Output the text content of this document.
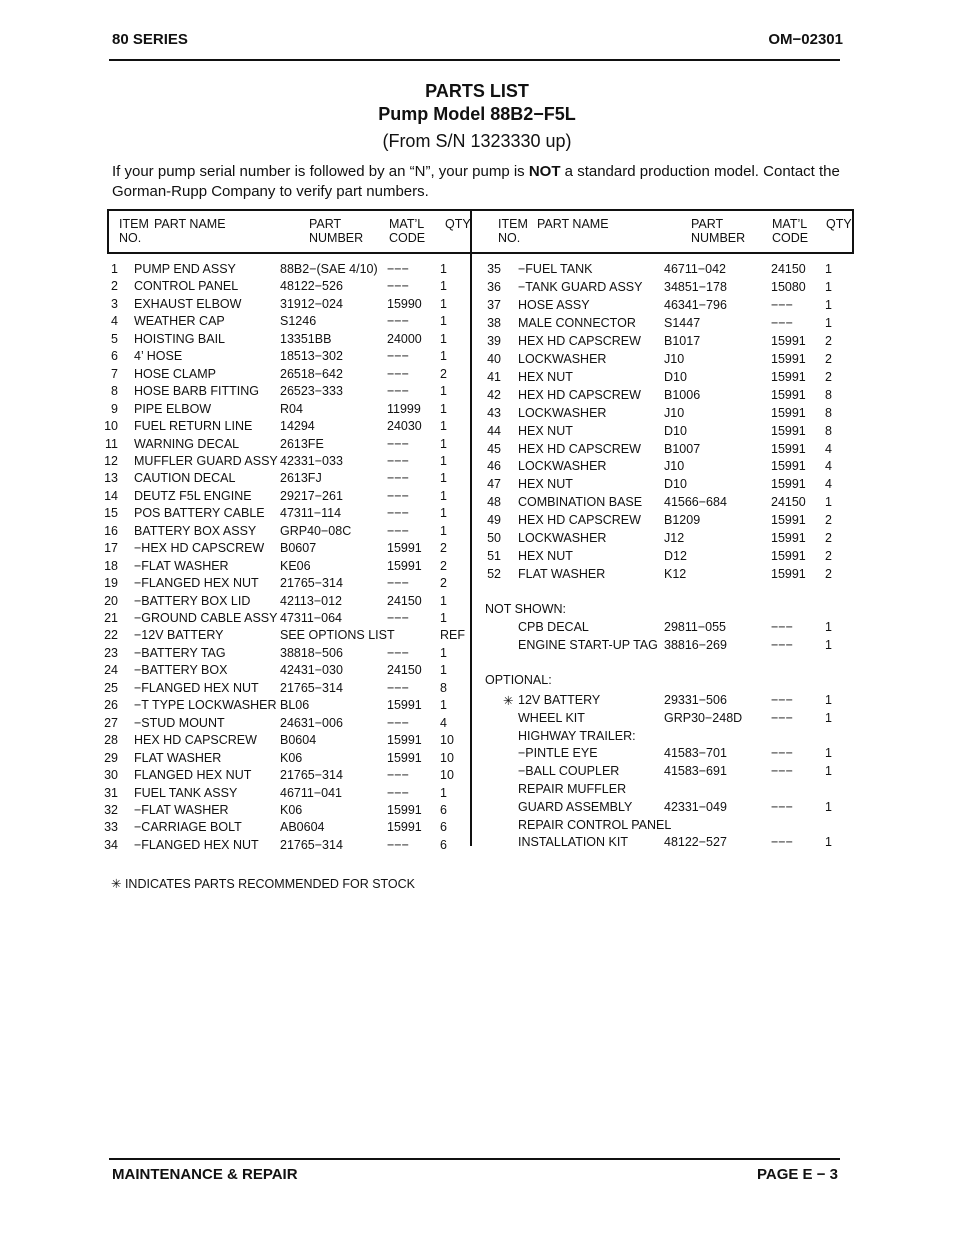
80 SERIES	OM−02301
PARTS LIST
Pump Model 88B2−F5L
(From S/N 1323330 up)
If your pump serial number is followed by an “N”, your pump is NOT a standard production model. Contact the Gorman-Rupp Company to verify part numbers.
ITEM
NO.
PART NAME	PART
NUMBER
MAT’L
CODE
QTY ITEM
NO.
PART NAME	PART
NUMBER
MAT’L
CODE
QTY
1 PUMP END ASSY	88B2−(SAE 4/10) −−− 1
2 CONTROL PANEL	48122−526	−−− 1
3 EXHAUST ELBOW	31912−024	15990 1
4 WEATHER CAP	S1246	−−− 1
5 HOISTING BAIL	13351BB	24000 1
6 4’ HOSE	18513−302	−−− 1
7 HOSE CLAMP	26518−642	−−− 2
8 HOSE BARB FITTING 26523−333	−−− 1
9 PIPE ELBOW	R04	11999 1
10 FUEL RETURN LINE 14294	24030 1
11 WARNING DECAL	2613FE	−−− 1
12 MUFFLER GUARD ASSY 42331−033	−−− 1
13 CAUTION DECAL	2613FJ	−−− 1
14 DEUTZ F5L ENGINE 29217−261	−−− 1
15 POS BATTERY CABLE 47311−114	−−− 1
16 BATTERY BOX ASSY GRP40−08C	−−− 1
17 −HEX HD CAPSCREW B0607	15991 2
18 −FLAT WASHER	KE06	15991 2
19 −FLANGED HEX NUT 21765−314	−−− 2
20 −BATTERY BOX LID 42113−012	24150 1
21 −GROUND CABLE ASSY 47311−064	−−− 1
22 −12V BATTERY	SEE OPTIONS LIST	REF
23 −BATTERY TAG	38818−506	−−− 1
24 −BATTERY BOX	42431−030	24150 1
25 −FLANGED HEX NUT 21765−314	−−− 8
26 −T TYPE LOCKWASHER BL06	15991 1
27 −STUD MOUNT	24631−006	−−− 4
28 HEX HD CAPSCREW B0604	15991 10
29 FLAT WASHER	K06	15991 10
30 FLANGED HEX NUT 21765−314	−−− 10
31 FUEL TANK ASSY	46711−041	−−− 1
32 −FLAT WASHER	K06	15991 6
33 −CARRIAGE BOLT	AB0604	15991 6
34 −FLANGED HEX NUT 21765−314	−−− 6
35 −FUEL TANK	46711−042	24150 1
36 −TANK GUARD ASSY 34851−178	15080 1
37 HOSE ASSY	46341−796	−−−	1
38 MALE CONNECTOR S1447	−−−	1
39 HEX HD CAPSCREW B1017	15991 2
40 LOCKWASHER	J10	15991 2
41 HEX NUT	D10	15991 2
42 HEX HD CAPSCREW B1006	15991 8
43 LOCKWASHER	J10	15991 8
44 HEX NUT	D10	15991 8
45 HEX HD CAPSCREW B1007	15991 4
46 LOCKWASHER	J10	15991 4
47 HEX NUT	D10	15991 4
48 COMBINATION BASE 41566−684	24150 1
49 HEX HD CAPSCREW B1209	15991 2
50 LOCKWASHER	J12	15991 2
51 HEX NUT	D12	15991 2
52 FLAT WASHER	K12	15991 2
NOT SHOWN:
CPB DECAL	29811−055	−−−	1
ENGINE START-UP TAG 38816−269	−−−	1
OPTIONAL:
✳ 12V BATTERY	29331−506	−−−	1
WHEEL KIT	GRP30−248D −−−	1
HIGHWAY TRAILER:
−PINTLE EYE	41583−701	−−−	1
−BALL COUPLER	41583−691	−−−	1
REPAIR MUFFLER
GUARD ASSEMBLY	42331−049	−−−	1
REPAIR CONTROL PANEL
INSTALLATION KIT	48122−527	−−−	1
✳ INDICATES PARTS RECOMMENDED FOR STOCK
MAINTENANCE & REPAIR	PAGE E − 3
